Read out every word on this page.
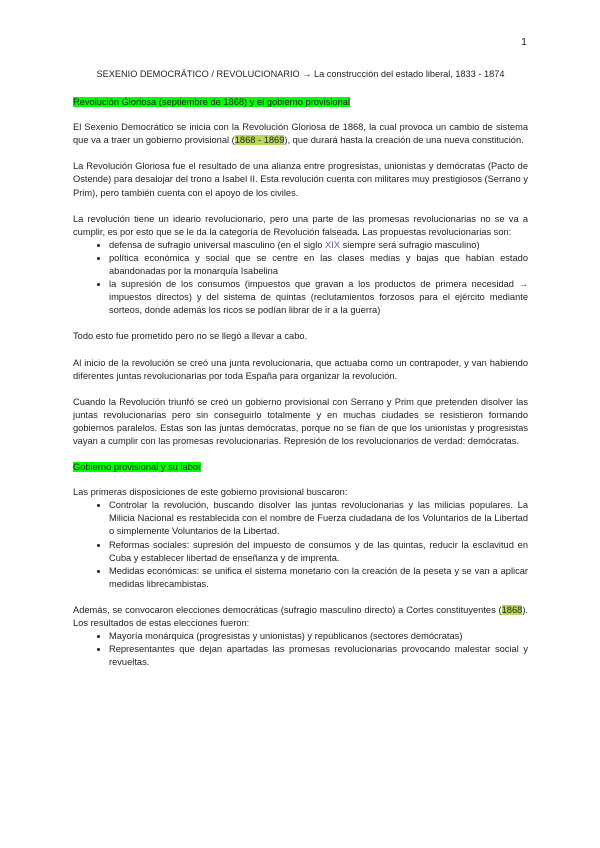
1
SEXENIO DEMOCRÁTICO / REVOLUCIONARIO → La construcción del estado liberal, 1833 - 1874
Revolución Gloriosa (septiembre de 1868) y el gobierno provisional

El Sexenio Democrático se inicia con la Revolución Gloriosa de 1868, la cual provoca un cambio de sistema que va a traer un gobierno provisional (1868 - 1869), que durará hasta la creación de una nueva constitución.

La Revolución Gloriosa fue el resultado de una alianza entre progresistas, unionistas y demócratas (Pacto de Ostende) para desalojar del trono a Isabel II. Esta revolución cuenta con militares muy prestigiosos (Serrano y Prim), pero también cuenta con el apoyo de los civiles.

La revolución tiene un ideario revolucionario, pero una parte de las promesas revolucionarias no se va a cumplir, es por esto que se le da la categoría de Revolución falseada. Las propuestas revolucionarias son:

• defensa de sufragio universal masculino (en el siglo XIX siempre será sufragio masculino)
• política económica y social que se centre en las clases medias y bajas que habían estado abandonadas por la monarquía Isabelina
• la supresión de los consumos (impuestos que gravan a los productos de primera necesidad → impuestos directos) y del sistema de quintas (reclutamientos forzosos para el ejército mediante sorteos, donde además los ricos se podían librar de ir a la guerra)

Todo esto fue prometido pero no se llegó a llevar a cabo.

Al inicio de la revolución se creó una junta revolucionaria, que actuaba como un contrapoder, y van habiendo diferentes juntas revolucionarias por toda España para organizar la revolución.

Cuando la Revolución triunfó se creó un gobierno provisional con Serrano y Prim que pretenden disolver las juntas revolucionarias pero sin conseguirlo totalmente y en muchas ciudades se resistieron formando gobiernos paralelos. Estas son las juntas demócratas, porque no se fían de que los unionistas y progresistas vayan a cumplir con las promesas revolucionarias. Represión de los revolucionarios de verdad: demócratas.

Gobierno provisional y su labor

Las primeras disposiciones de este gobierno provisional buscaron:

• Controlar la revolución, buscando disolver las juntas revolucionarias y las milicias populares. La Milicia Nacional es restablecida con el nombre de Fuerza ciudadana de los Voluntarios de la Libertad o simplemente Voluntarios de la Libertad.
• Reformas sociales: supresión del impuesto de consumos y de las quintas, reducir la esclavitud en Cuba y establecer libertad de enseñanza y de imprenta.
• Medidas económicas: se unifica el sistema monetario con la creación de la peseta y se van a aplicar medidas librecambistas.

Además, se convocaron elecciones democráticas (sufragio masculino directo) a Cortes constituyentes (1868). Los resultados de estas elecciones fueron:

• Mayoría monárquica (progresistas y unionistas) y republicanos (sectores demócratas)
• Representantes que dejan apartadas las promesas revolucionarias provocando malestar social y revueltas.
